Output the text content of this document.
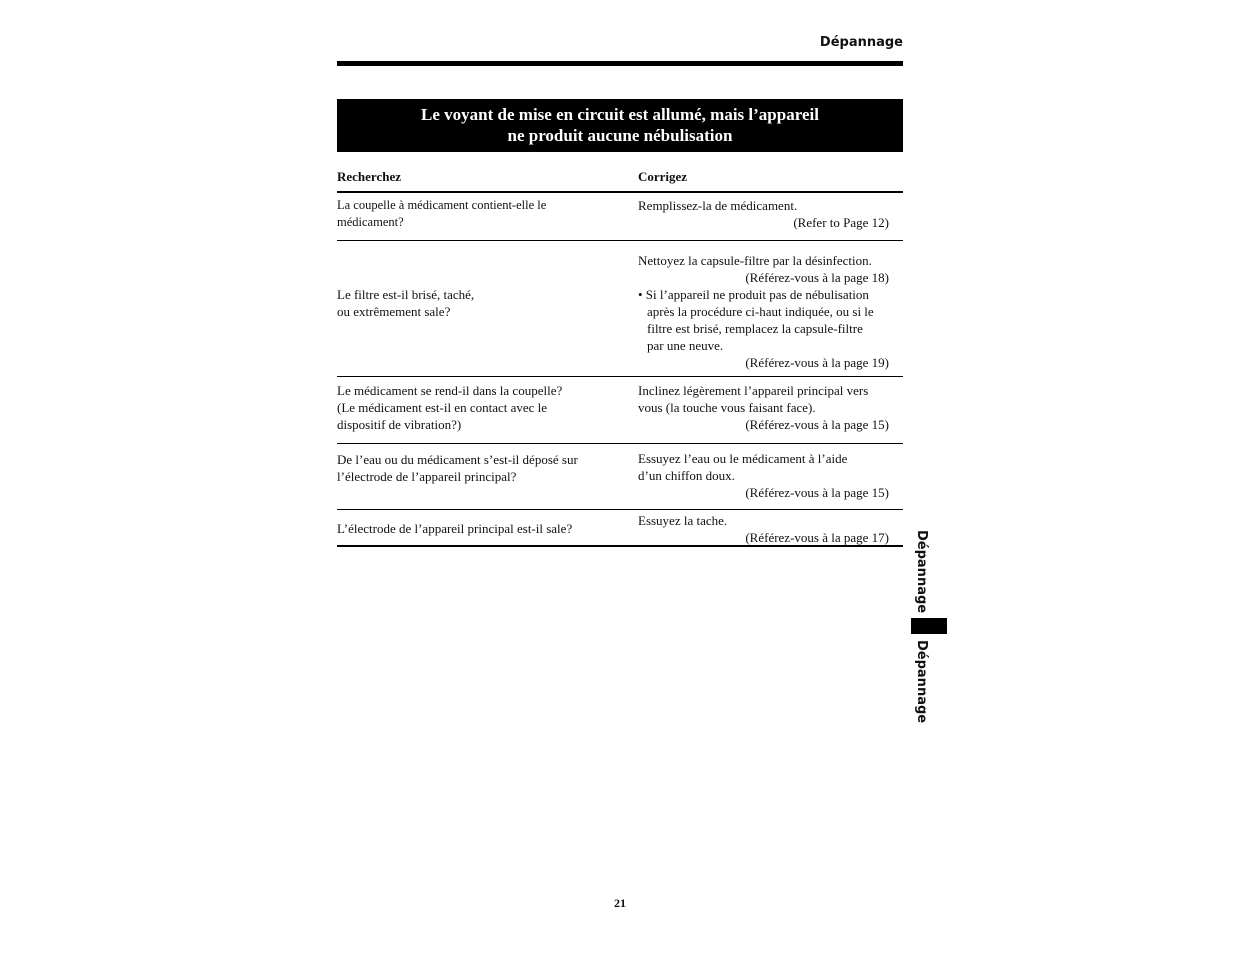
Dépannage
Le voyant de mise en circuit est allumé, mais l’appareil
ne produit aucune nébulisation
Recherchez	Corrigez
La coupelle à médicament contient-elle le
médicament?
Remplissez-la de médicament.
(Refer to Page 12)
Le filtre est-il brisé, taché,
ou extrêmement sale?
Nettoyez la capsule-filtre par la désinfection.
(Référez-vous à la page 18)
• Si l’appareil ne produit pas de nébulisation
après la procédure ci-haut indiquée, ou si le
filtre est brisé, remplacez la capsule-filtre
par une neuve.
(Référez-vous à la page 19)
Le médicament se rend-il dans la coupelle?
(Le médicament est-il en contact avec le
dispositif de vibration?)
Inclinez légèrement l’appareil principal vers
vous (la touche vous faisant face).
(Référez-vous à la page 15)
De l’eau ou du médicament s’est-il déposé sur
l’électrode de l’appareil principal?
Essuyez l’eau ou le médicament à l’aide
d’un chiffon doux.
(Référez-vous à la page 15)
L’électrode de l’appareil principal est-il sale?
Essuyez la tache.
(Référez-vous à la page 17) Dépannage
Dépannage
21
